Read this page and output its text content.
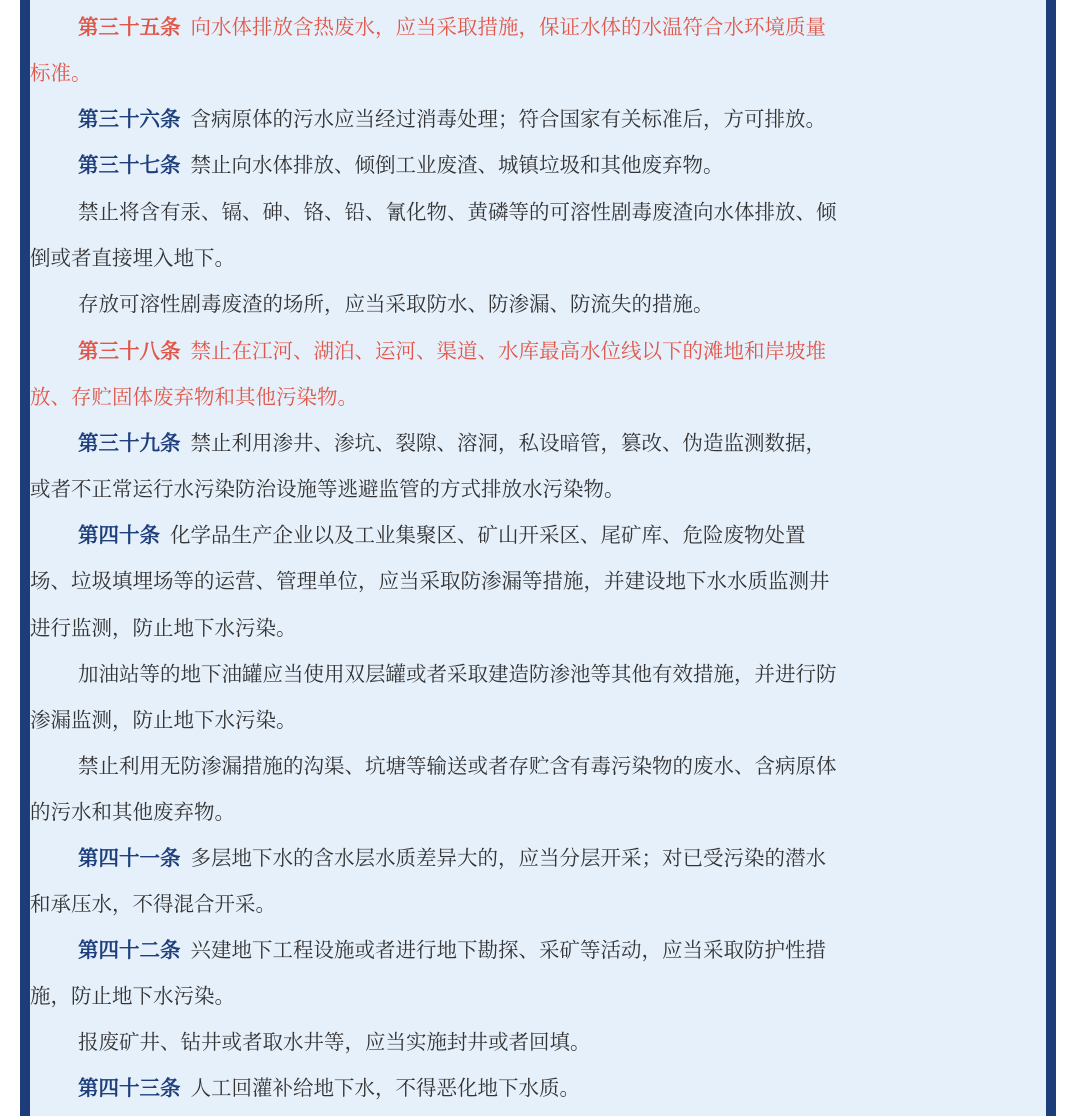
第三十五条 向水体排放含热废水，应当采取措施，保证水体的水温符合水环境质量
标准。
第三十六条 含病原体的污水应当经过消毒处理；符合国家有关标准后，方可排放。
第三十七条 禁止向水体排放、倾倒工业废渣、城镇垃圾和其他废弃物。
禁止将含有汞、镉、砷、铬、铅、氰化物、黄磷等的可溶性剧毒废渣向水体排放、倾
倒或者直接埋入地下。
存放可溶性剧毒废渣的场所，应当采取防水、防渗漏、防流失的措施。
第三十八条 禁止在江河、湖泊、运河、渠道、水库最高水位线以下的滩地和岸坡堆
放、存贮固体废弃物和其他污染物。
第三十九条 禁止利用渗井、渗坑、裂隙、溶洞，私设暗管，篡改、伪造监测数据，
或者不正常运行水污染防治设施等逃避监管的方式排放水污染物。
第四十条 化学品生产企业以及工业集聚区、矿山开采区、尾矿库、危险废物处置
场、垃圾填埋场等的运营、管理单位，应当采取防渗漏等措施，并建设地下水水质监测井
进行监测，防止地下水污染。
加油站等的地下油罐应当使用双层罐或者采取建造防渗池等其他有效措施，并进行防
渗漏监测，防止地下水污染。
禁止利用无防渗漏措施的沟渠、坑塘等输送或者存贮含有毒污染物的废水、含病原体
的污水和其他废弃物。
第四十一条 多层地下水的含水层水质差异大的，应当分层开采；对已受污染的潜水
和承压水，不得混合开采。
第四十二条 兴建地下工程设施或者进行地下勘探、采矿等活动，应当采取防护性措
施，防止地下水污染。
报废矿井、钻井或者取水井等，应当实施封井或者回填。
第四十三条 人工回灌补给地下水，不得恶化地下水质。
